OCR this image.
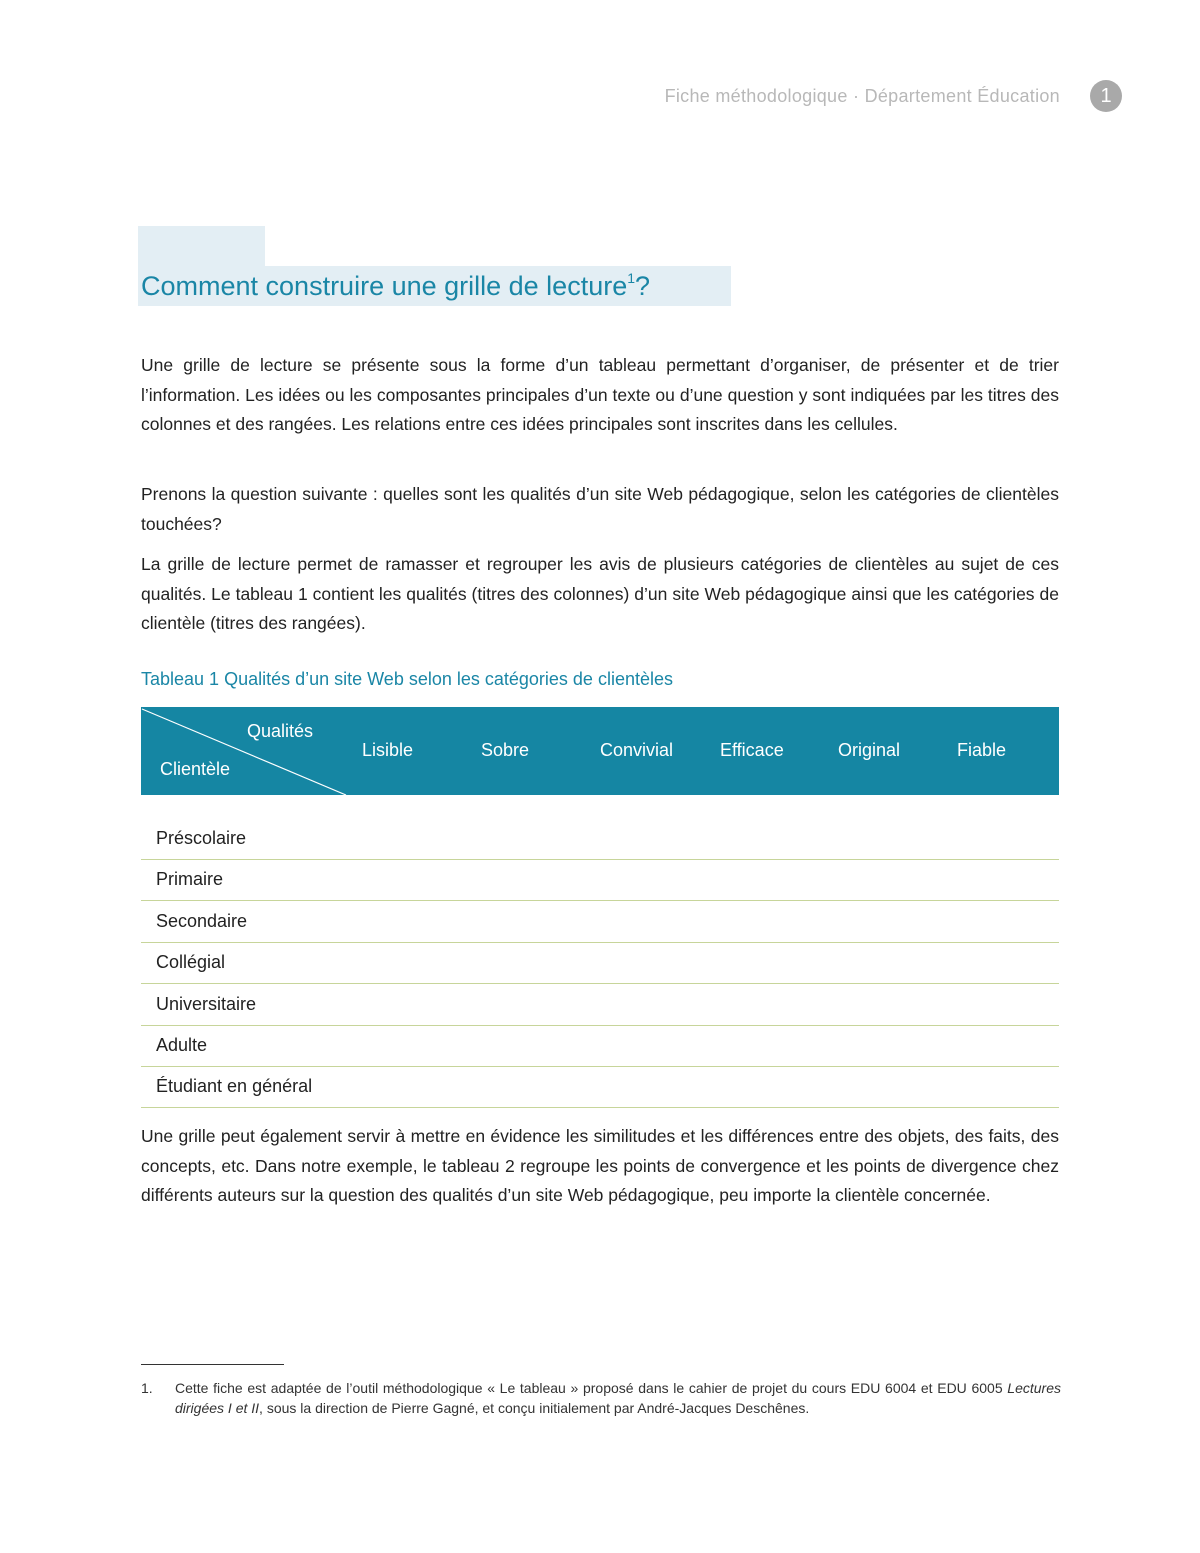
Fiche méthodologique · Département Éducation	1
Comment construire une grille de lecture$^1$?

Une grille de lecture se présente sous la forme d’un tableau permettant d’organiser, de présenter et de trier l’information. Les idées ou les composantes principales d’un texte ou d’une question y sont indiquées par les titres des colonnes et des rangées. Les relations entre ces idées principales sont inscrites dans les cellules.

Prenons la question suivante : quelles sont les qualités d’un site Web pédagogique, selon les catégories de clientèles touchées?

La grille de lecture permet de ramasser et regrouper les avis de plusieurs catégories de clientèles au sujet de ces qualités. Le tableau 1 contient les qualités (titres des colonnes) d’un site Web pédagogique ainsi que les catégories de clientèle (titres des rangées).

Tableau 1 Qualités d’un site Web selon les catégories de clientèles
Qualités
Clientèle
Lisible	Sobre	Convivial	Efficace	Original	Fiable
Préscolaire
Primaire
Secondaire
Collégial
Universitaire
Adulte
Étudiant en général

Une grille peut également servir à mettre en évidence les similitudes et les différences entre des objets, des faits, des concepts, etc. Dans notre exemple, le tableau 2 regroupe les points de convergence et les points de divergence chez différents auteurs sur la question des qualités d’un site Web pédagogique, peu importe la clientèle concernée.

1. Cette fiche est adaptée de l’outil méthodologique « Le tableau » proposé dans le cahier de projet du cours EDU 6004 et EDU 6005 Lectures dirigées I et II, sous la direction de Pierre Gagné, et conçu initialement par André-Jacques Deschênes.
